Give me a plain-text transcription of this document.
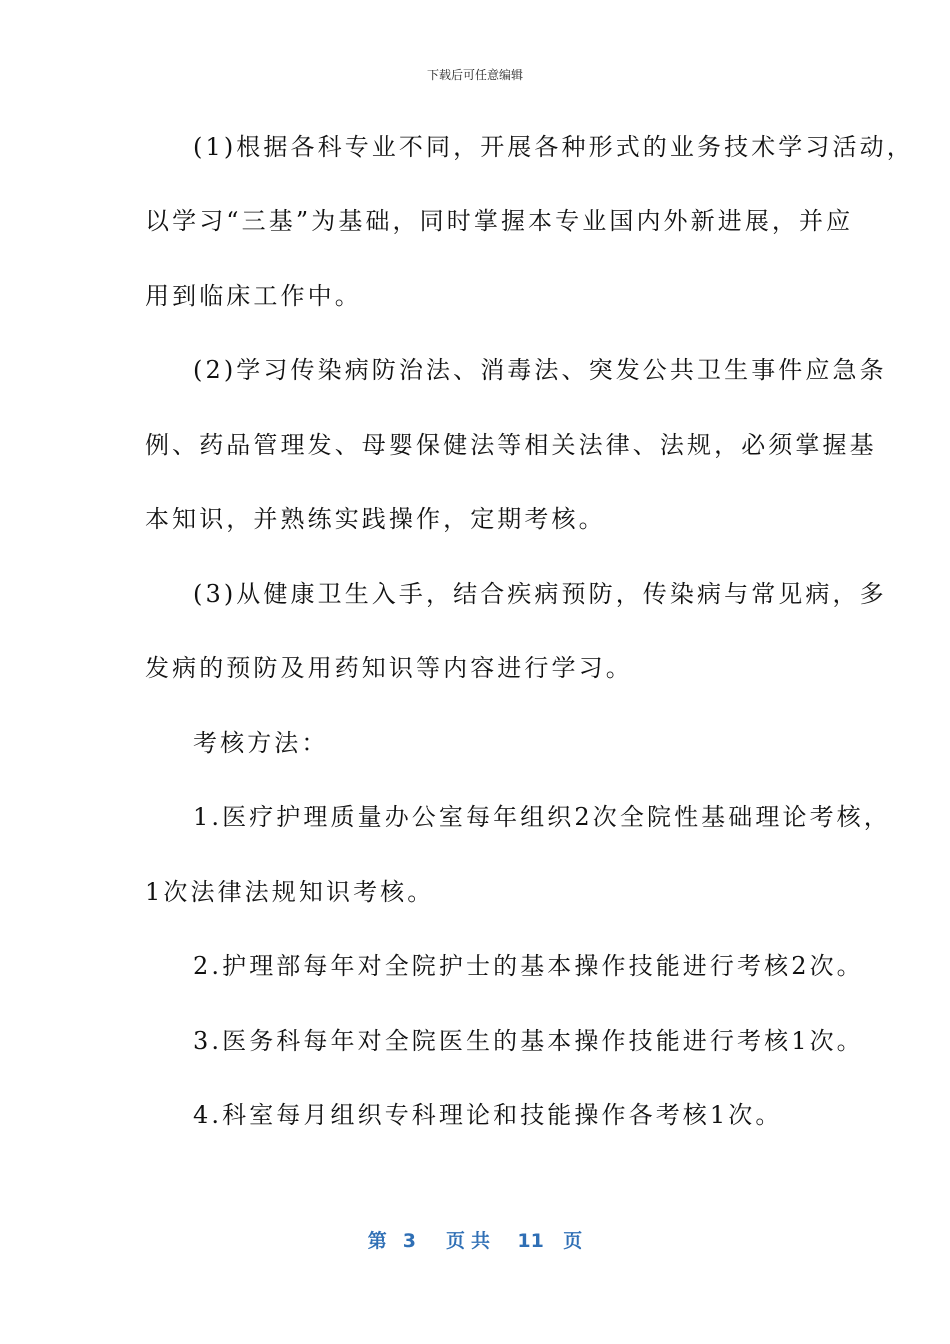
下载后可任意编辑
(1)根据各科专业不同，开展各种形式的业务技术学习活动，
以学习“三基”为基础，同时掌握本专业国内外新进展，并应
用到临床工作中。
(2)学习传染病防治法、消毒法、突发公共卫生事件应急条
例、药品管理发、母婴保健法等相关法律、法规，必须掌握基
本知识，并熟练实践操作，定期考核。
(3)从健康卫生入手，结合疾病预防，传染病与常见病，多
发病的预防及用药知识等内容进行学习。
考核方法：
1.医疗护理质量办公室每年组织2次全院性基础理论考核，
1次法律法规知识考核。
2.护理部每年对全院护士的基本操作技能进行考核2次。
3.医务科每年对全院医生的基本操作技能进行考核1次。
4.科室每月组织专科理论和技能操作各考核1次。
第 3 页共 11 页
